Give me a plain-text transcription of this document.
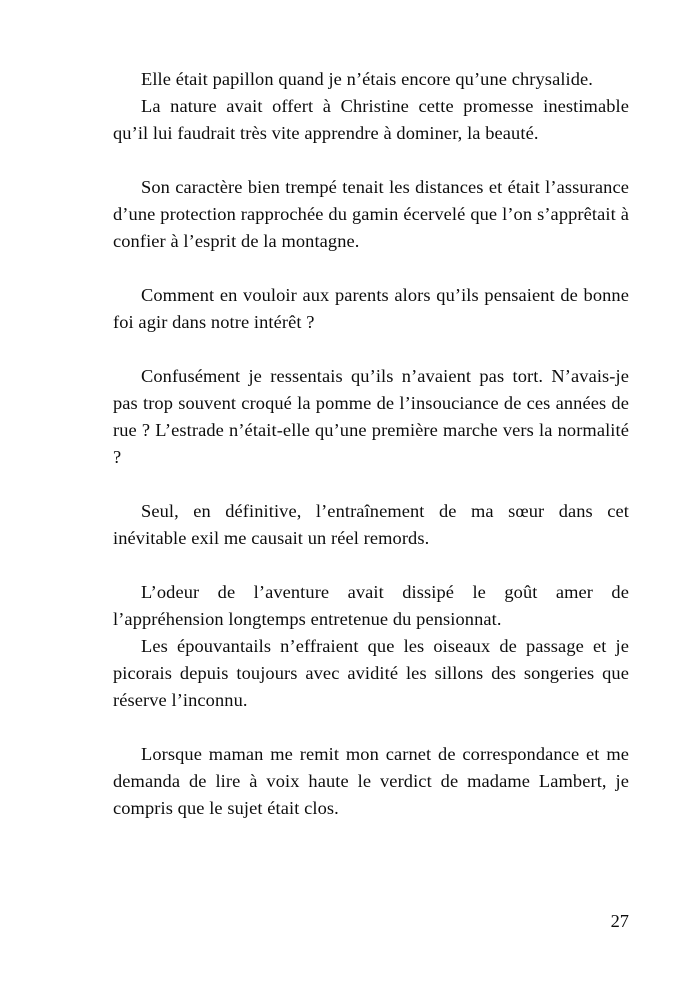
Elle était papillon quand je n’étais encore qu’une chrysalide.

La nature avait offert à Christine cette promesse inestimable qu’il lui faudrait très vite apprendre à dominer, la beauté.

Son caractère bien trempé tenait les distances et était l’assurance d’une protection rapprochée du gamin écervelé que l’on s’apprêtait à confier à l’esprit de la montagne.

Comment en vouloir aux parents alors qu’ils pensaient de bonne foi agir dans notre intérêt ?

Confusément je ressentais qu’ils n’avaient pas tort. N’avais-je pas trop souvent croqué la pomme de l’insouciance de ces années de rue ? L’estrade n’était-elle qu’une première marche vers la normalité ?

Seul, en définitive, l’entraînement de ma sœur dans cet inévitable exil me causait un réel remords.

L’odeur de l’aventure avait dissipé le goût amer de l’appréhension longtemps entretenue du pensionnat.

Les épouvantails n’effraient que les oiseaux de passage et je picorais depuis toujours avec avidité les sillons des songeries que réserve l’inconnu.

Lorsque maman me remit mon carnet de correspondance et me demanda de lire à voix haute le verdict de madame Lambert, je compris que le sujet était clos.

27
